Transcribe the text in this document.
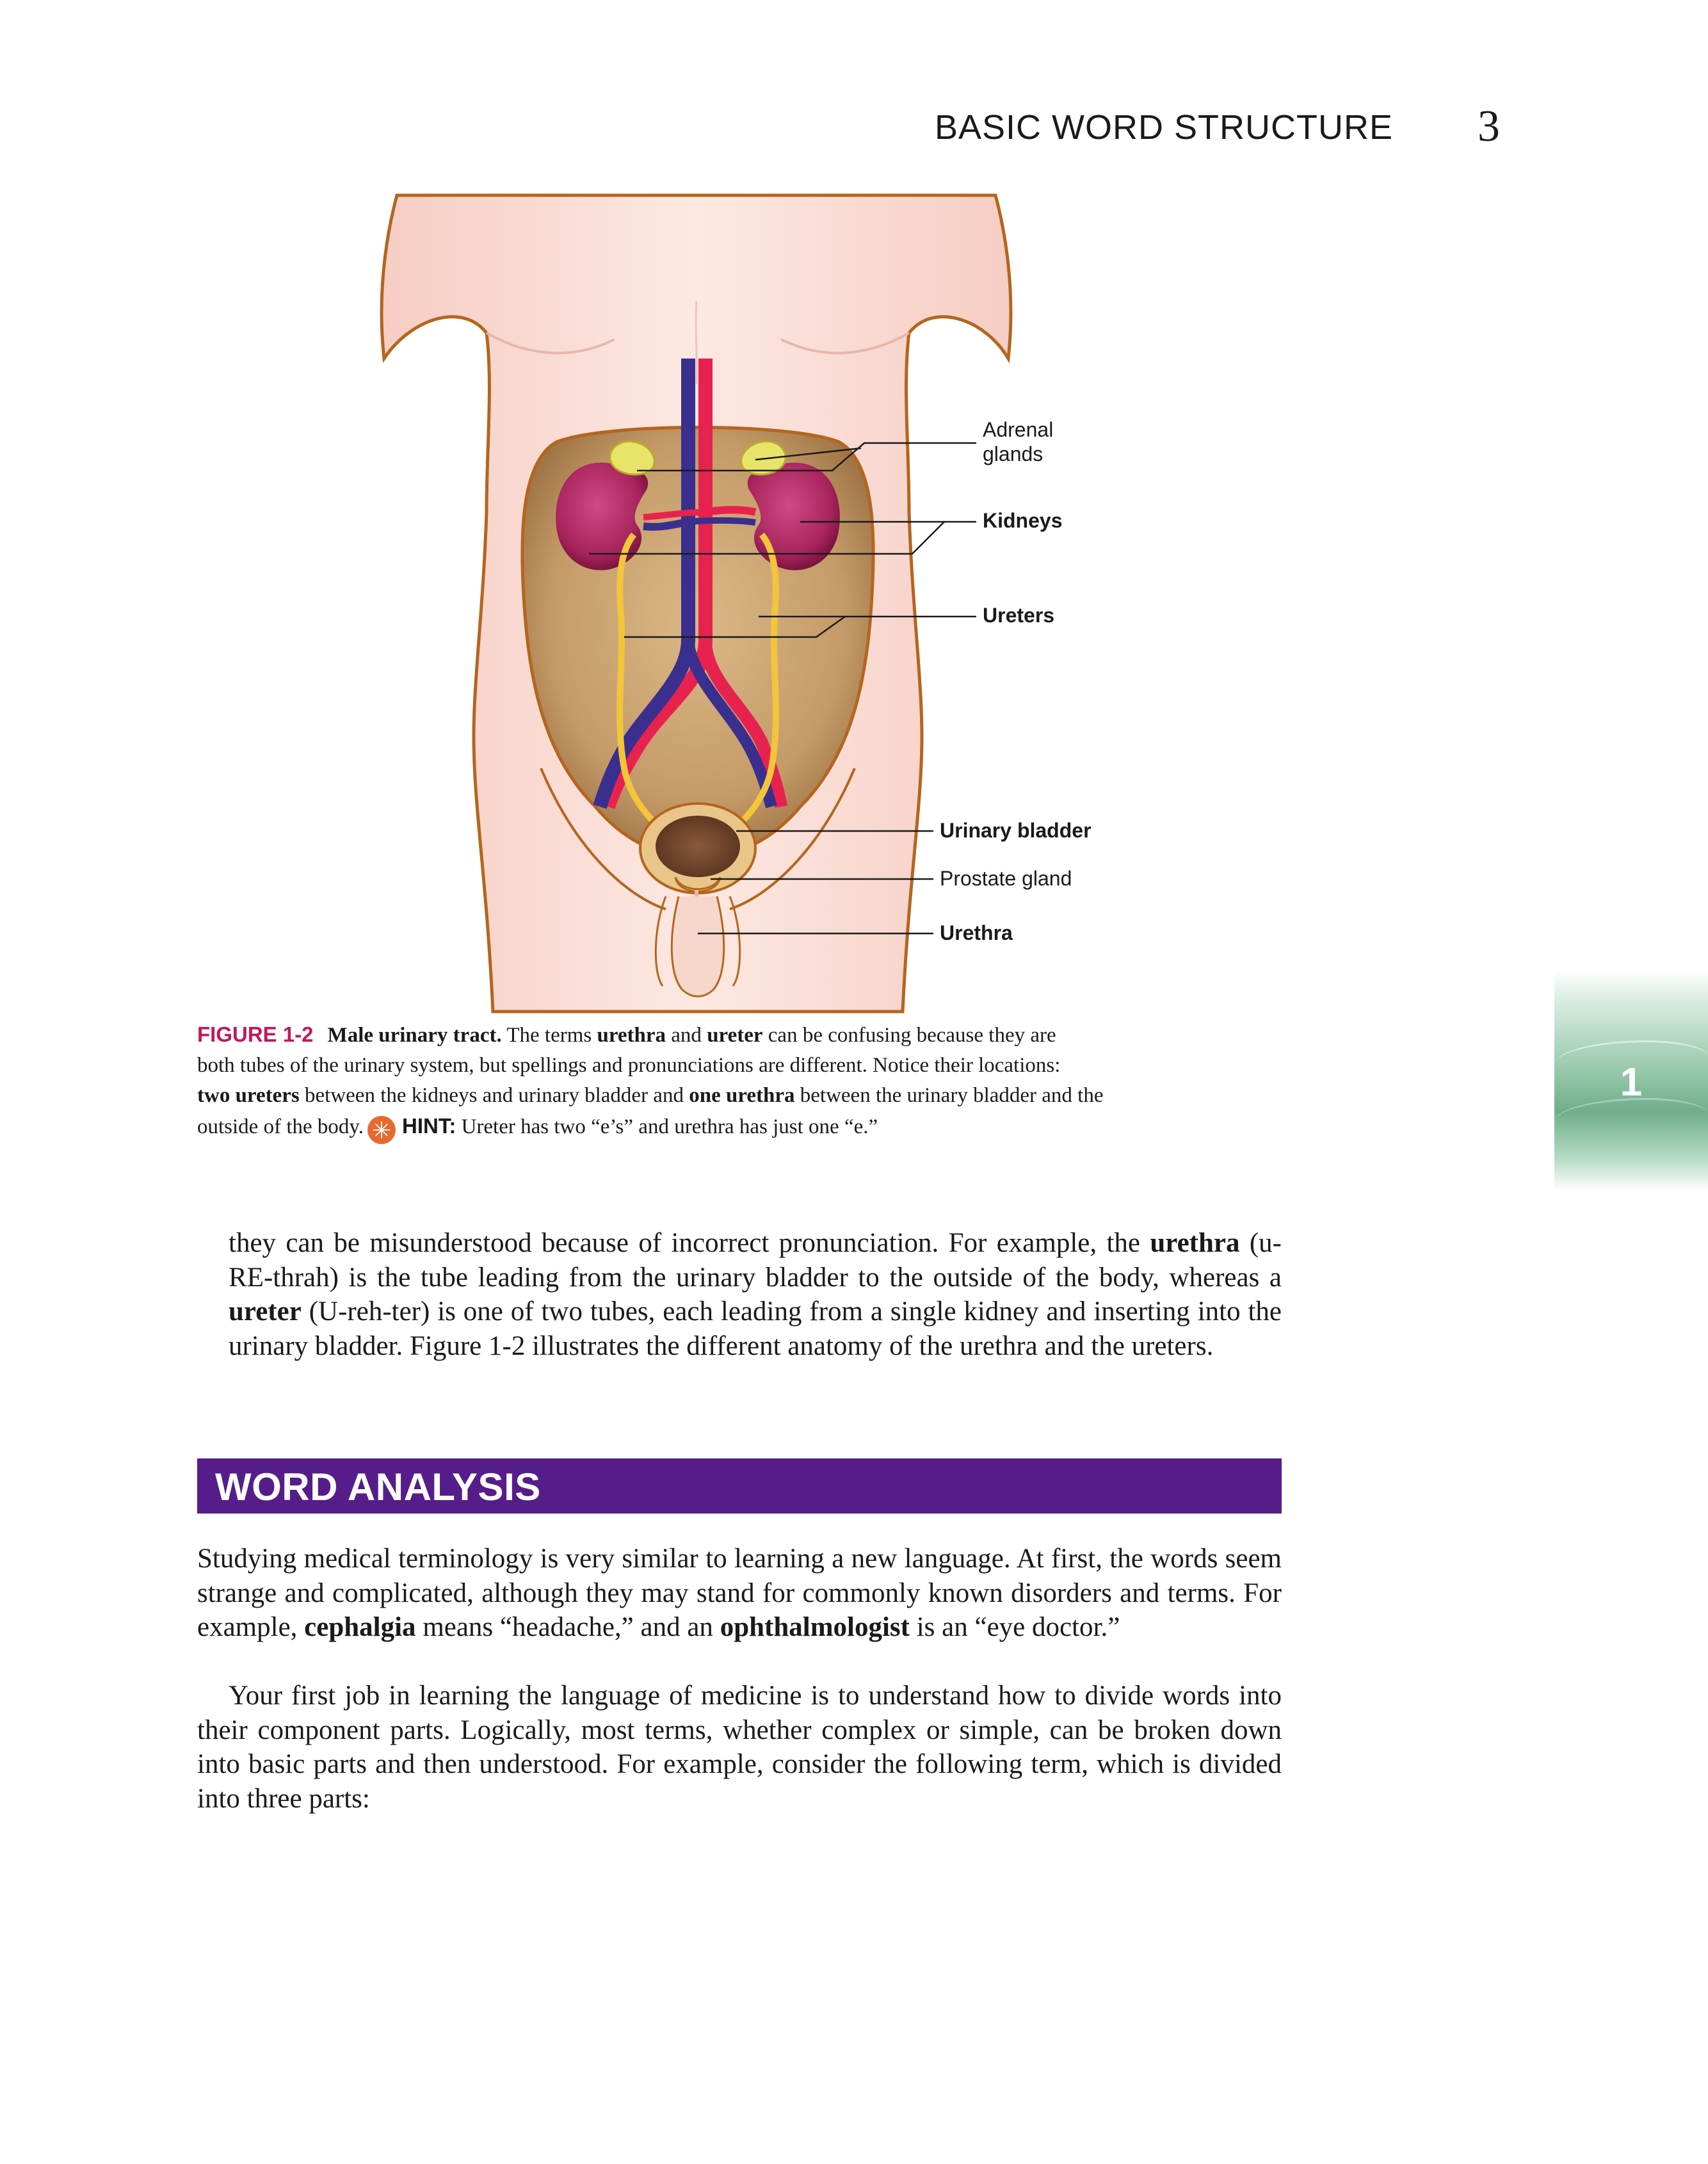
BASIC WORD STRUCTURE 3
1
Adrenal
glands
Kidneys
Ureters
Urinary bladder
Prostate gland
Urethra
FIGURE 1-2 Male urinary tract. The terms urethra and ureter can be confusing because they are
both tubes of the urinary system, but spellings and pronunciations are different. Notice their locations:
two ureters between the kidneys and urinary bladder and one urethra between the urinary bladder and the
outside of the body. ✳ HINT: Ureter has two “e’s” and urethra has just one “e.”
they can be misunderstood because of incorrect pronunciation. For example, the urethra (u-RE-thrah) is the tube leading from the urinary bladder to the outside of the body, whereas a ureter (U-reh-ter) is one of two tubes, each leading from a single kidney and inserting into the urinary bladder. Figure 1-2 illustrates the different anatomy of the urethra and the ureters.
WORD ANALYSIS
Studying medical terminology is very similar to learning a new language. At first, the words seem strange and complicated, although they may stand for commonly known disorders and terms. For example, cephalgia means “headache,” and an ophthalmologist is an “eye doctor.”
Your first job in learning the language of medicine is to understand how to divide words into their component parts. Logically, most terms, whether complex or simple, can be broken down into basic parts and then understood. For example, consider the following term, which is divided into three parts:
